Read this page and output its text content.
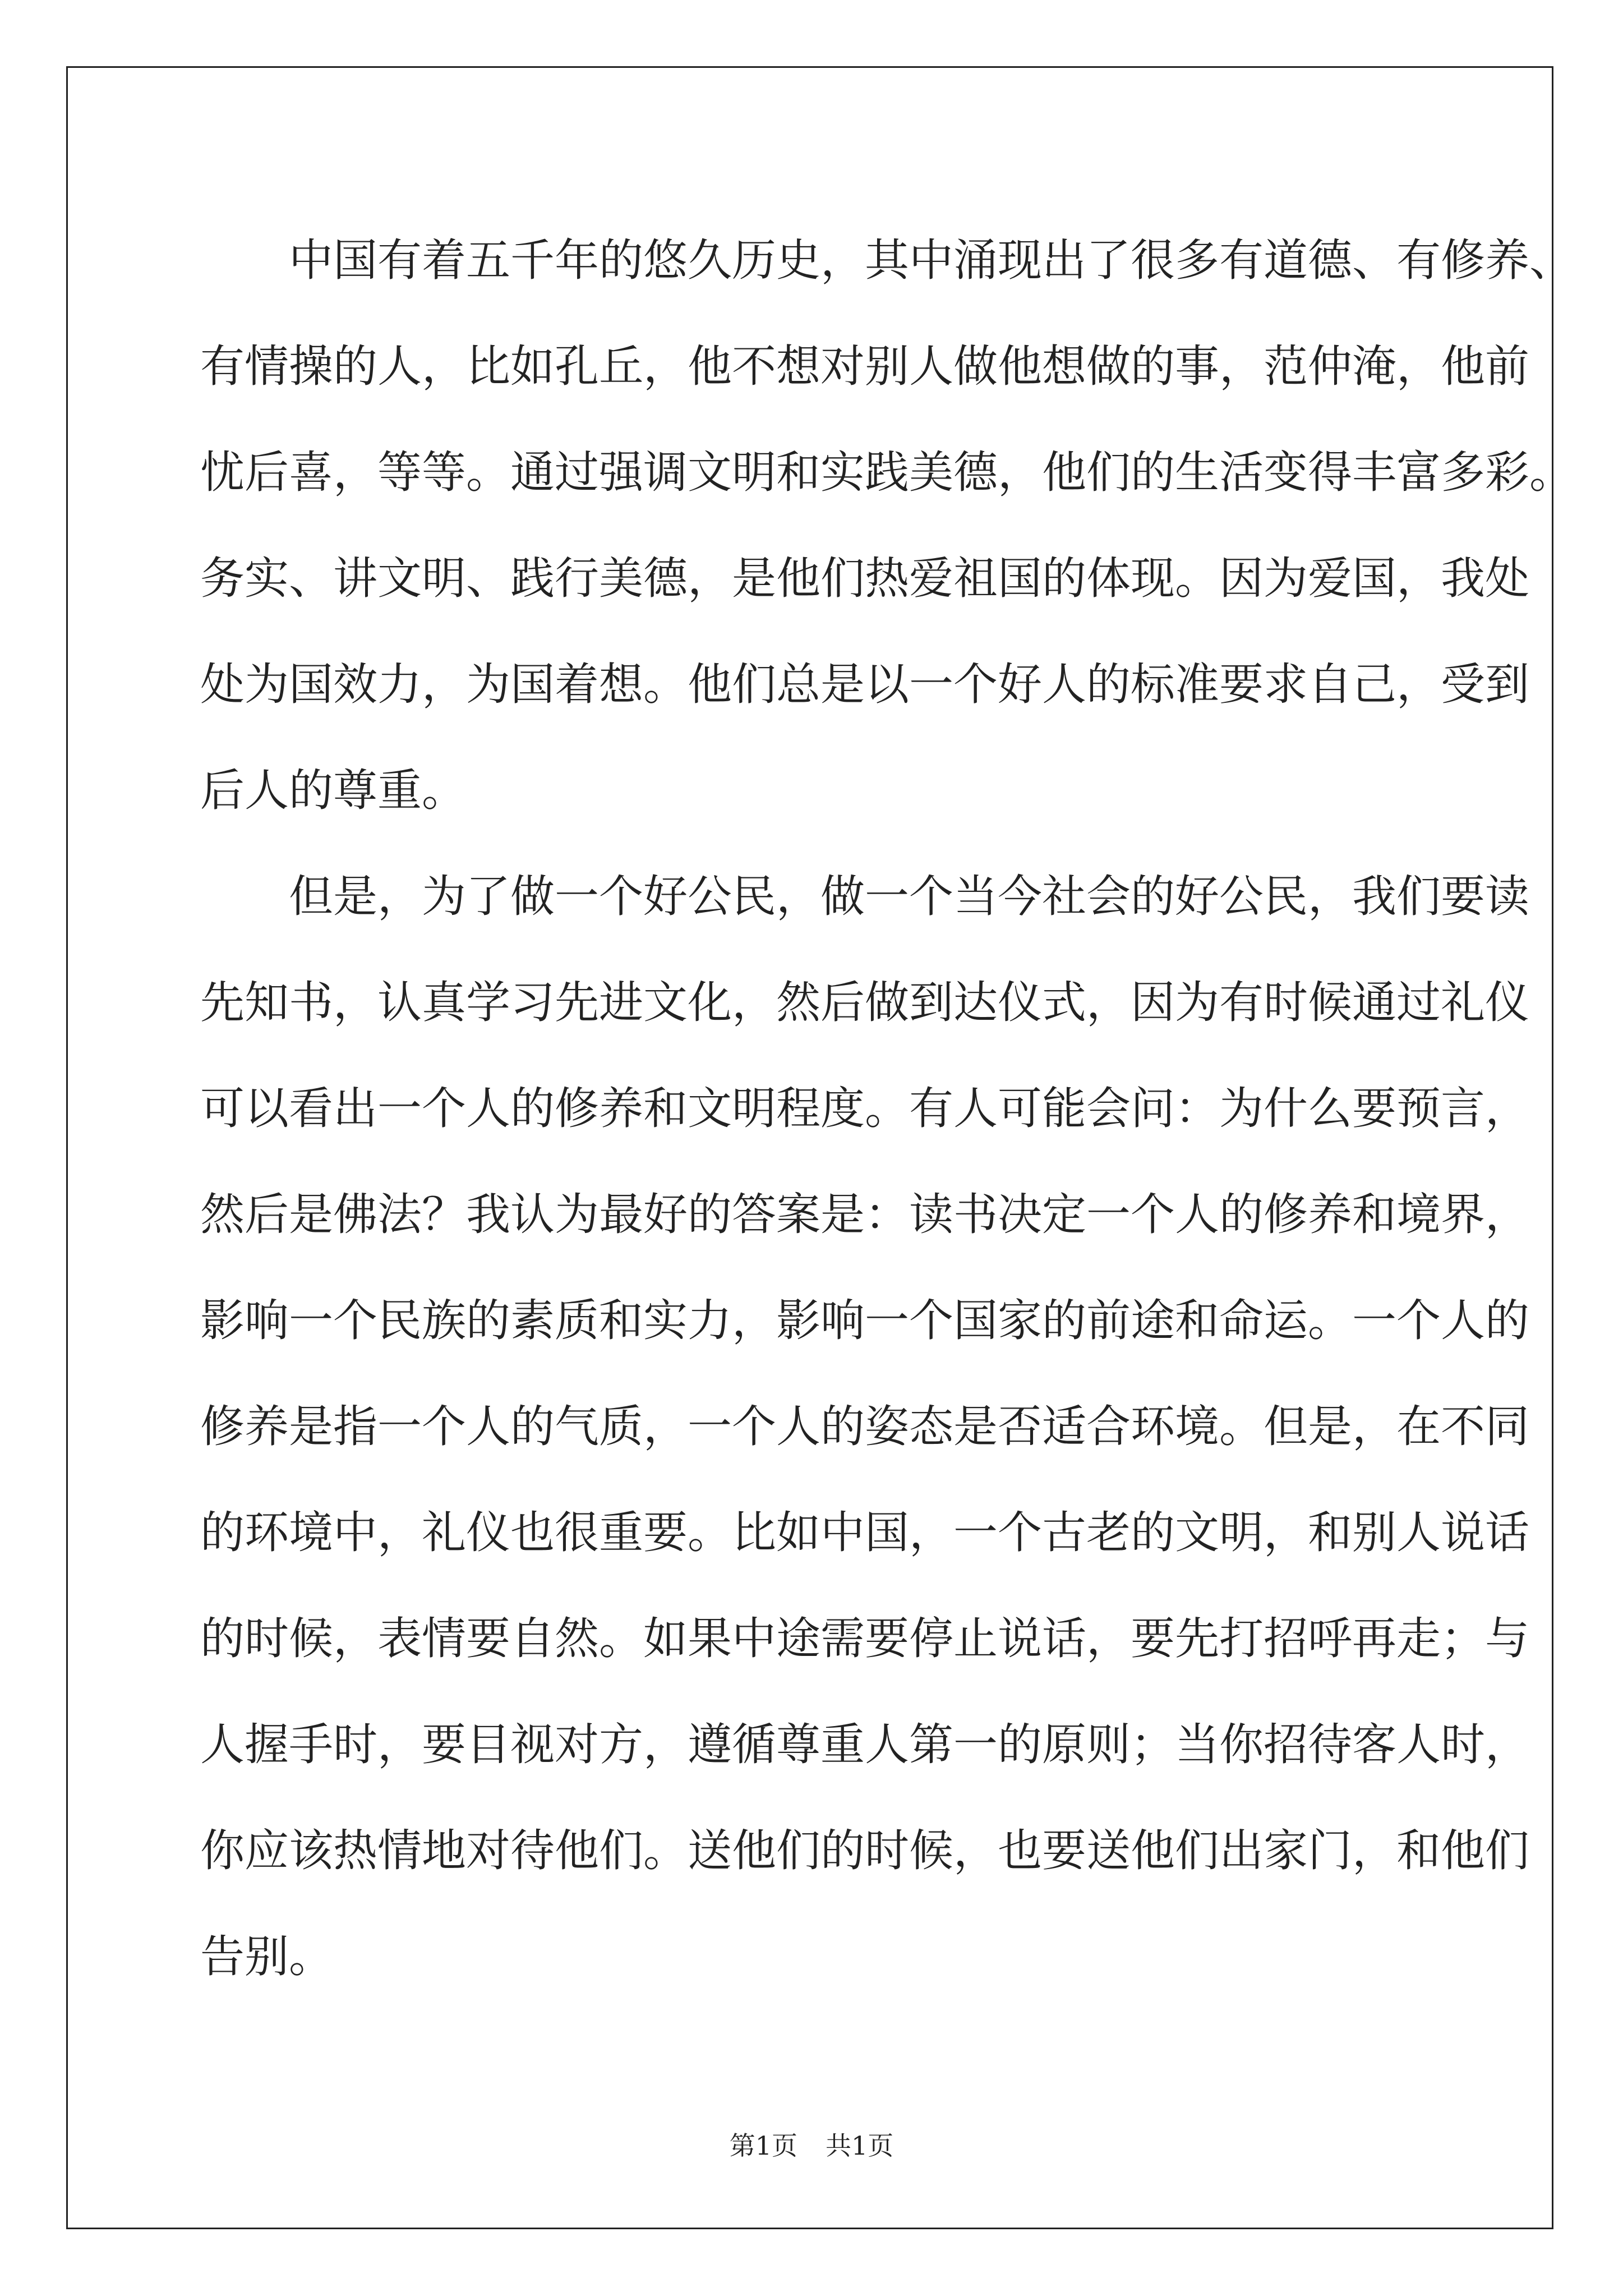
　　中国有着五千年的悠久历史，其中涌现出了很多有道德、有修养、
有情操的人，比如孔丘，他不想对别人做他想做的事，范仲淹，他前
忧后喜，等等。通过强调文明和实践美德，他们的生活变得丰富多彩。
务实、讲文明、践行美德，是他们热爱祖国的体现。因为爱国，我处
处为国效力，为国着想。他们总是以一个好人的标准要求自己，受到
后人的尊重。
　　但是，为了做一个好公民，做一个当今社会的好公民，我们要读
先知书，认真学习先进文化，然后做到达仪式，因为有时候通过礼仪
可以看出一个人的修养和文明程度。有人可能会问：为什么要预言，
然后是佛法？我认为最好的答案是：读书决定一个人的修养和境界，
影响一个民族的素质和实力，影响一个国家的前途和命运。一个人的
修养是指一个人的气质，一个人的姿态是否适合环境。但是，在不同
的环境中，礼仪也很重要。比如中国，一个古老的文明，和别人说话
的时候，表情要自然。如果中途需要停止说话，要先打招呼再走；与
人握手时，要目视对方，遵循尊重人第一的原则；当你招待客人时，
你应该热情地对待他们。送他们的时候，也要送他们出家门，和他们
告别。
第1页 共1页
